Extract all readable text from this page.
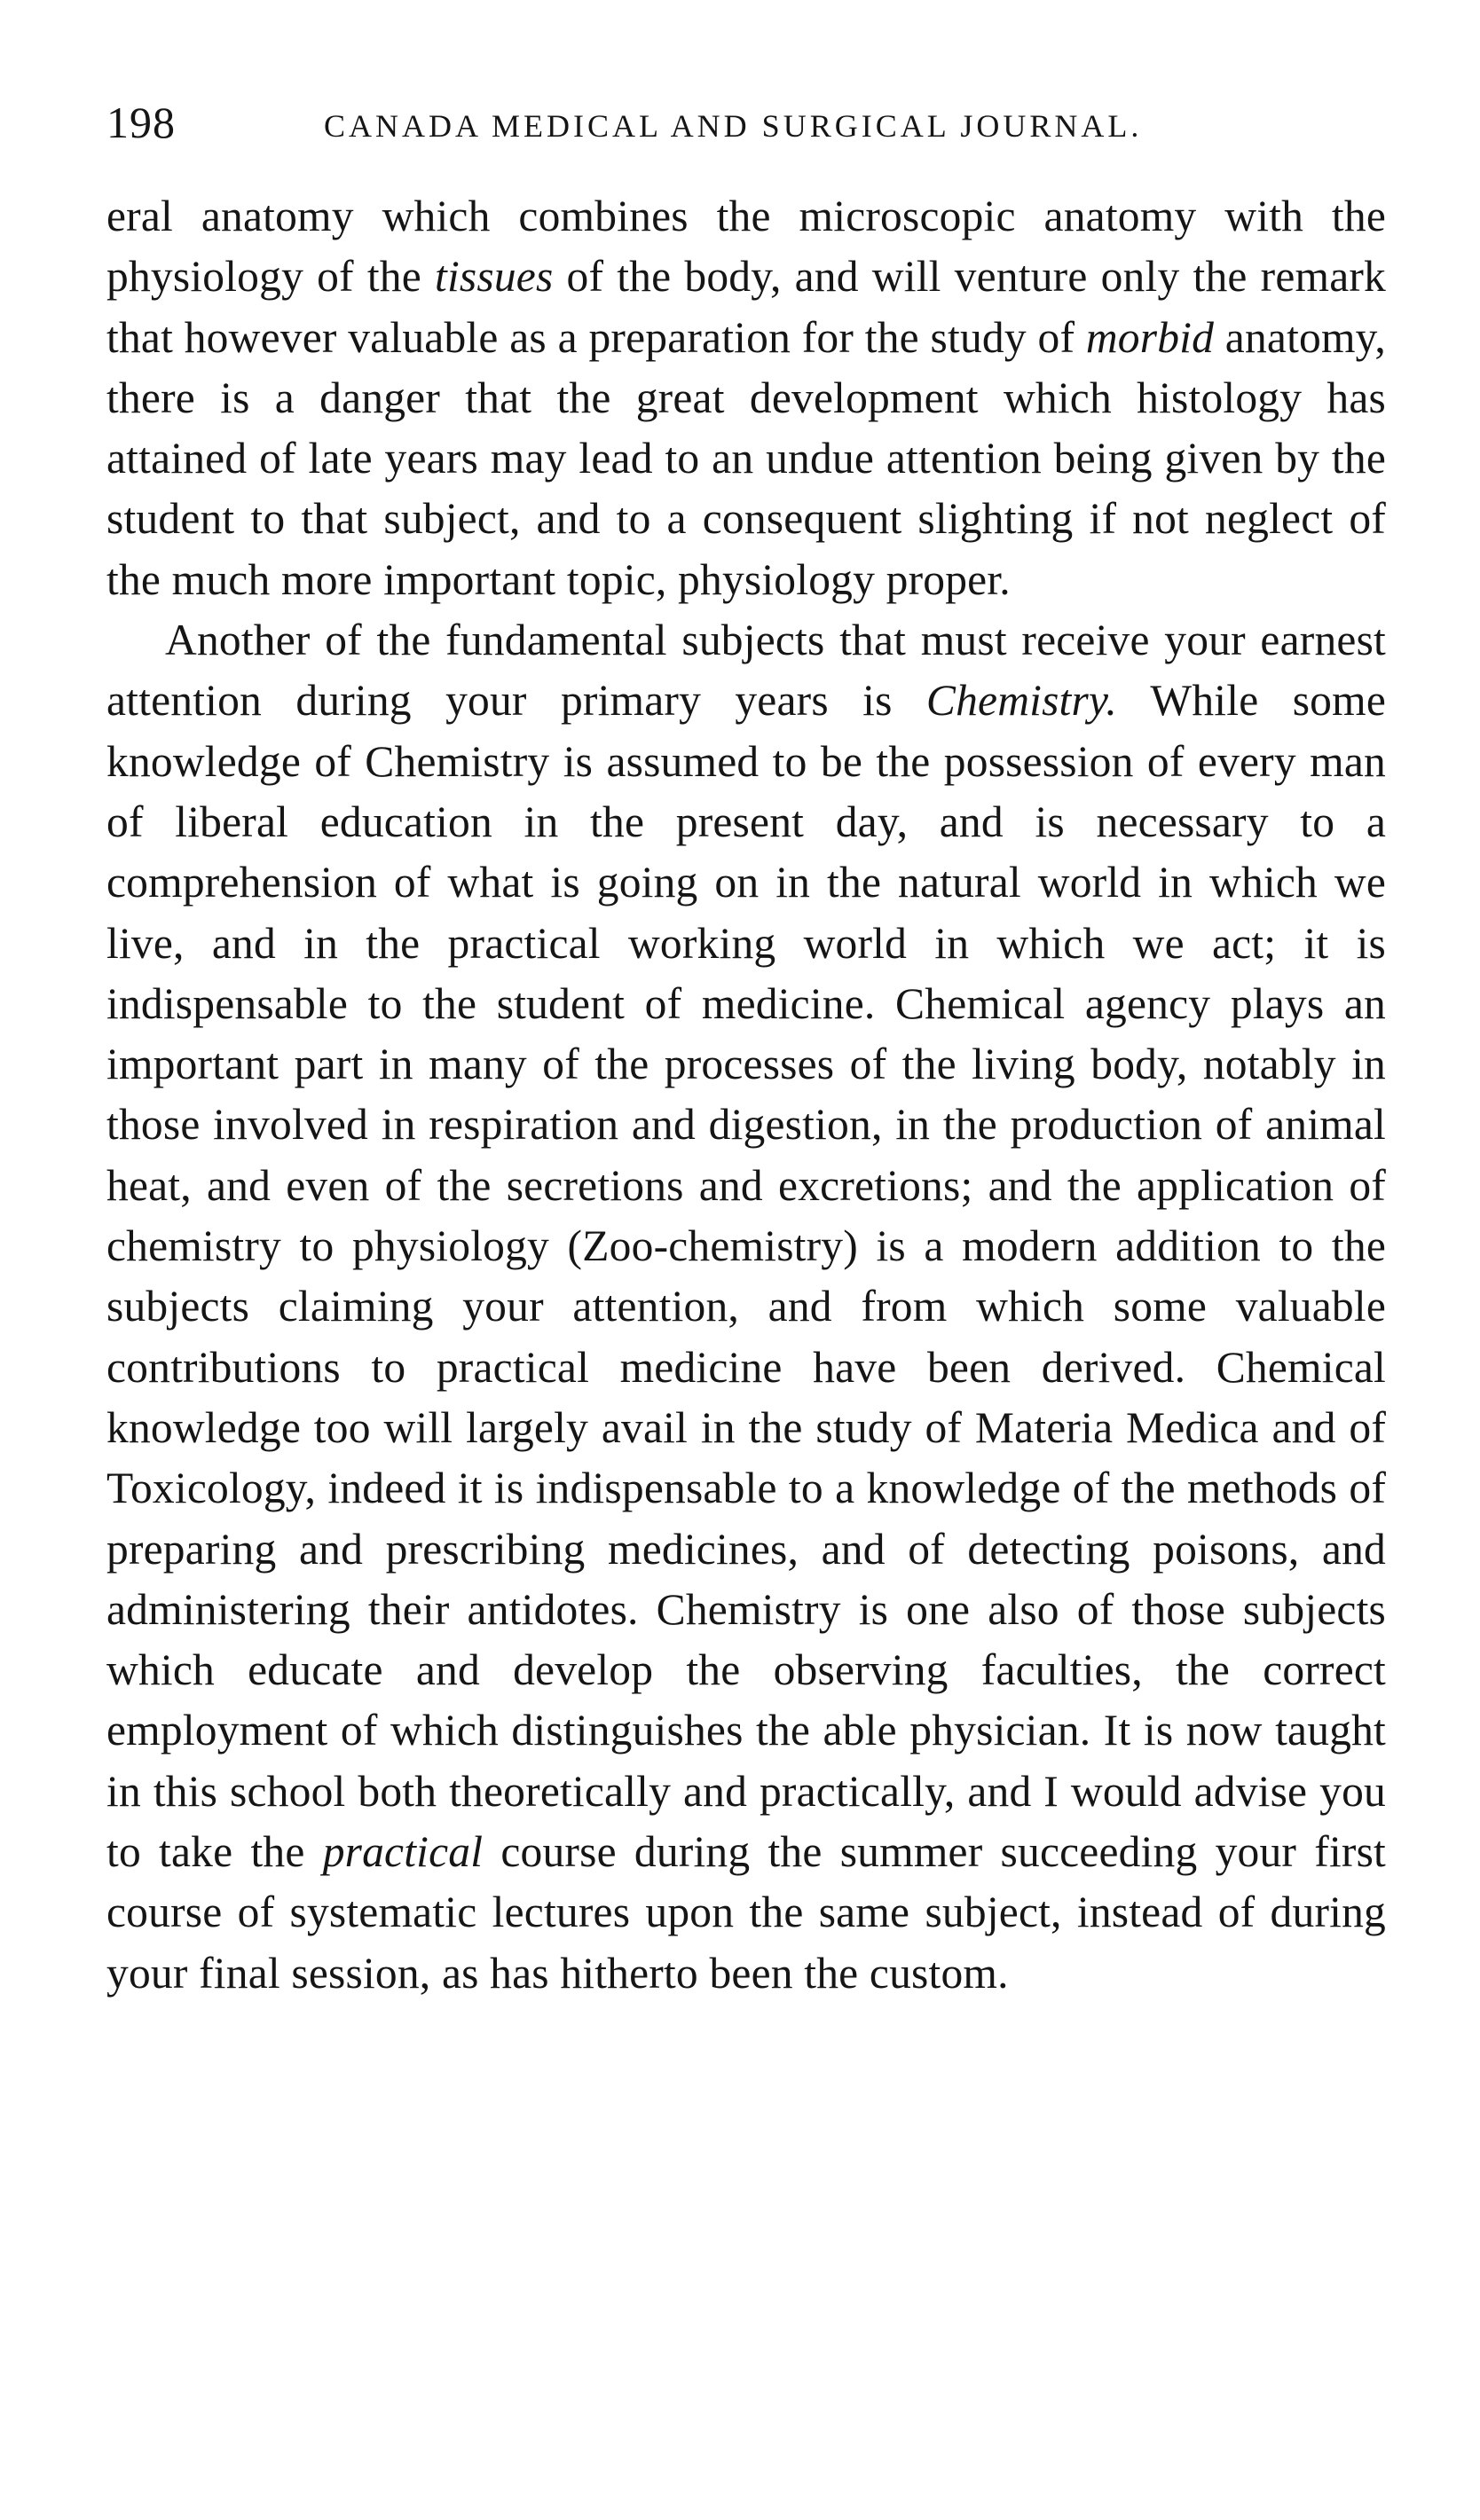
198	CANADA MEDICAL AND SURGICAL JOURNAL.

eral anatomy which combines the microscopic anatomy with the physiology of the tissues of the body, and will venture only the remark that however valuable as a preparation for the study of morbid anatomy, there is a danger that the great development which histology has attained of late years may lead to an undue attention being given by the student to that subject, and to a consequent slighting if not neglect of the much more important topic, physiology proper.

Another of the fundamental subjects that must receive your earnest attention during your primary years is Chemistry. While some knowledge of Chemistry is assumed to be the possession of every man of liberal education in the present day, and is necessary to a comprehension of what is going on in the natural world in which we live, and in the practical working world in which we act; it is indispensable to the student of medicine. Chemical agency plays an important part in many of the processes of the living body, notably in those involved in respiration and digestion, in the production of animal heat, and even of the secretions and excretions; and the application of chemistry to physiology (Zoo-chemistry) is a modern addition to the subjects claiming your attention, and from which some valuable contributions to practical medicine have been derived. Chemical knowledge too will largely avail in the study of Materia Medica and of Toxicology, indeed it is indispensable to a knowledge of the methods of preparing and prescribing medicines, and of detecting poisons, and administering their antidotes. Chemistry is one also of those subjects which educate and develop the observing faculties, the correct employment of which distinguishes the able physician. It is now taught in this school both theoretically and practically, and I would advise you to take the practical course during the summer succeeding your first course of systematic lectures upon the same subject, instead of during your final session, as has hitherto been the custom.
